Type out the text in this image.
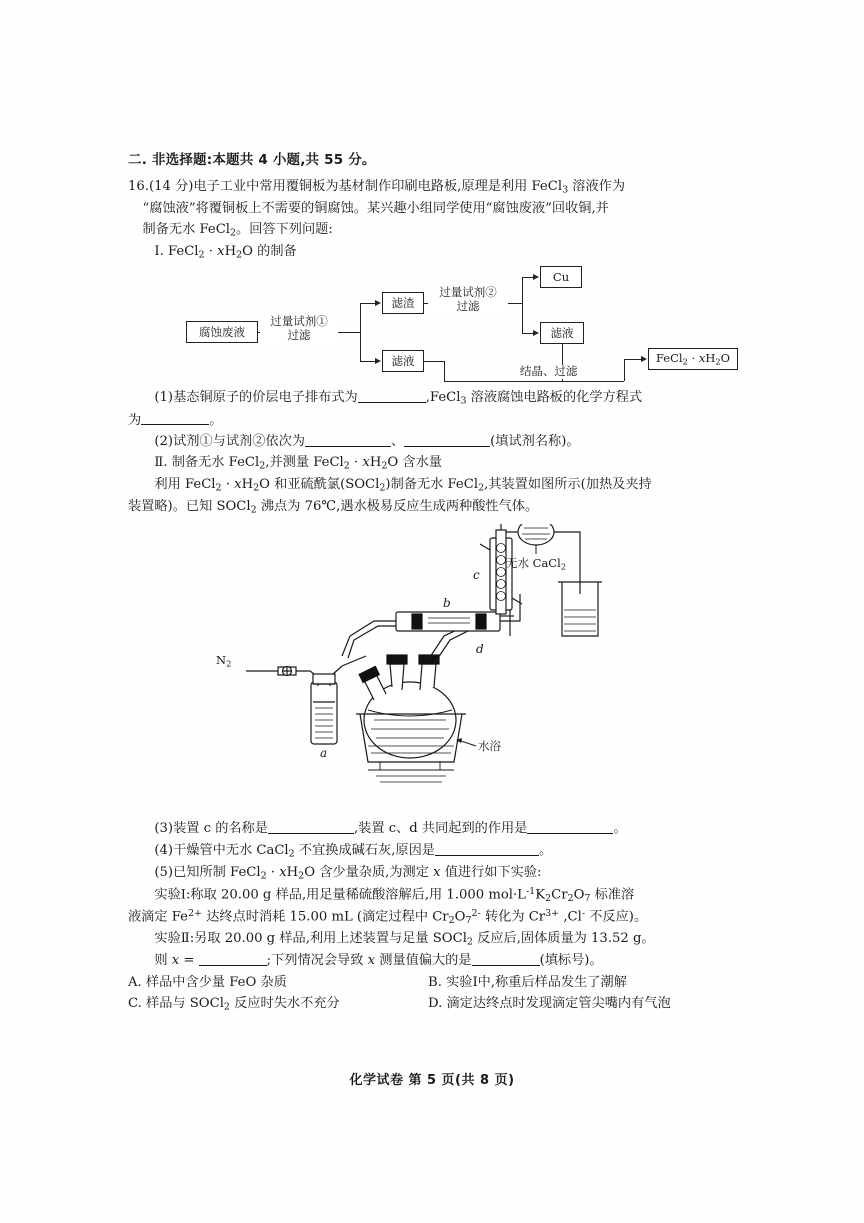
二. 非选择题:本题共 4 小题,共 55 分。

16.(14 分)电子工业中常用覆铜板为基材制作印刷电路板,原理是利用 FeCl$_3$ 溶液作为

“腐蚀液”将覆铜板上不需要的铜腐蚀。某兴趣小组同学使用“腐蚀废液”回收铜,并

制备无水 FeCl$_2$。回答下列问题:

Ⅰ. FeCl$_2$ · $xH_2O$ 的制备

腐蚀废液
过量试剂①
过滤
滤渣
滤液
过量试剂②
过滤
Cu
滤液
结晶、过滤
FeCl$_2$ · $xH_2O$

(1)基态铜原子的价层电子排布式为	,FeCl$_3$ 溶液腐蚀电路板的化学方程式

为	。

(2)试剂①与试剂②依次为	、	(填试剂名称)。

Ⅱ. 制备无水 FeCl$_2$,并测量 FeCl$_2$ · $xH_2O$ 含水量

利用 FeCl$_2$ · $xH_2O$ 和亚硫酰氯(SOCl$_2$)制备无水 FeCl$_2$,其装置如图所示(加热及夹持

装置略)。已知 SOCl$_2$ 沸点为 76℃,遇水极易反应生成两种酸性气体。

$N_2$
a
b
c
d
水浴
无水 CaCl$_2$

(3)装置 c 的名称是	,装置 c、d 共同起到的作用是	。

(4)干燥管中无水 CaCl$_2$ 不宜换成碱石灰,原因是	。

(5)已知所制 FeCl$_2$ · $xH_2O$ 含少量杂质,为测定 x 值进行如下实验:

实验Ⅰ:称取 20.00 g 样品,用足量稀硫酸溶解后,用 1.000 $mol\cdot L^{-1}K_2Cr_2O_7$ 标准溶

液滴定 $Fe^{2+}$ 达终点时消耗 15.00 mL (滴定过程中 $Cr_2O_7^{2-}$ 转化为 $Cr^{3+}$ ,Cl- 不反应)。

实验Ⅱ:另取 20.00 g 样品,利用上述装置与足量 SOCl$_2$ 反应后,固体质量为 13.52 g。

则 x =	;下列情况会导致 x 测量值偏大的是	(填标号)。

A. 样品中含少量 FeO 杂质	B. 实验Ⅰ中,称重后样品发生了潮解
C. 样品与 SOCl$_2$ 反应时失水不充分	D. 滴定达终点时发现滴定管尖嘴内有气泡
化学试卷 第 5 页(共 8 页)
